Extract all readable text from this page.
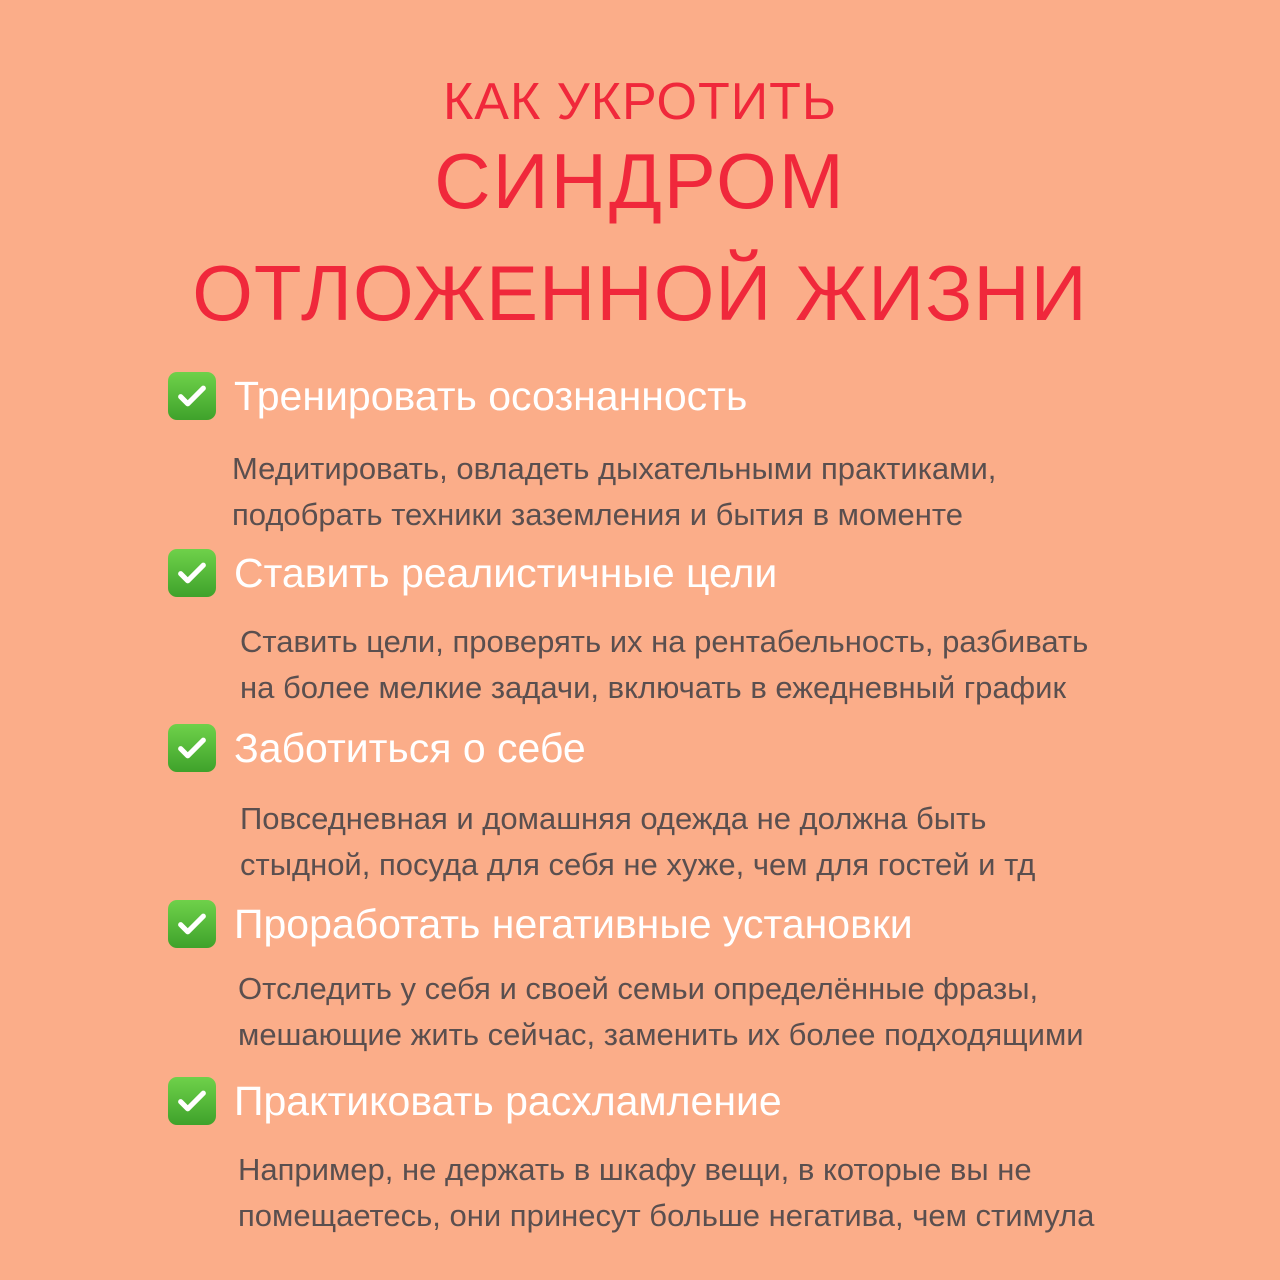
КАК УКРОТИТЬ
СИНДРОМ
ОТЛОЖЕННОЙ ЖИЗНИ
Тренировать осознанность
Медитировать, овладеть дыхательными практиками,
подобрать техники заземления и бытия в моменте
Ставить реалистичные цели
Ставить цели, проверять их на рентабельность, разбивать
на более мелкие задачи, включать в ежедневный график
Заботиться о себе
Повседневная и домашняя одежда не должна быть
стыдной, посуда для себя не хуже, чем для гостей и тд
Проработать негативные установки
Отследить у себя и своей семьи определённые фразы,
мешающие жить сейчас, заменить их более подходящими
Практиковать расхламление
Например, не держать в шкафу вещи, в которые вы не
помещаетесь, они принесут больше негатива, чем стимула
